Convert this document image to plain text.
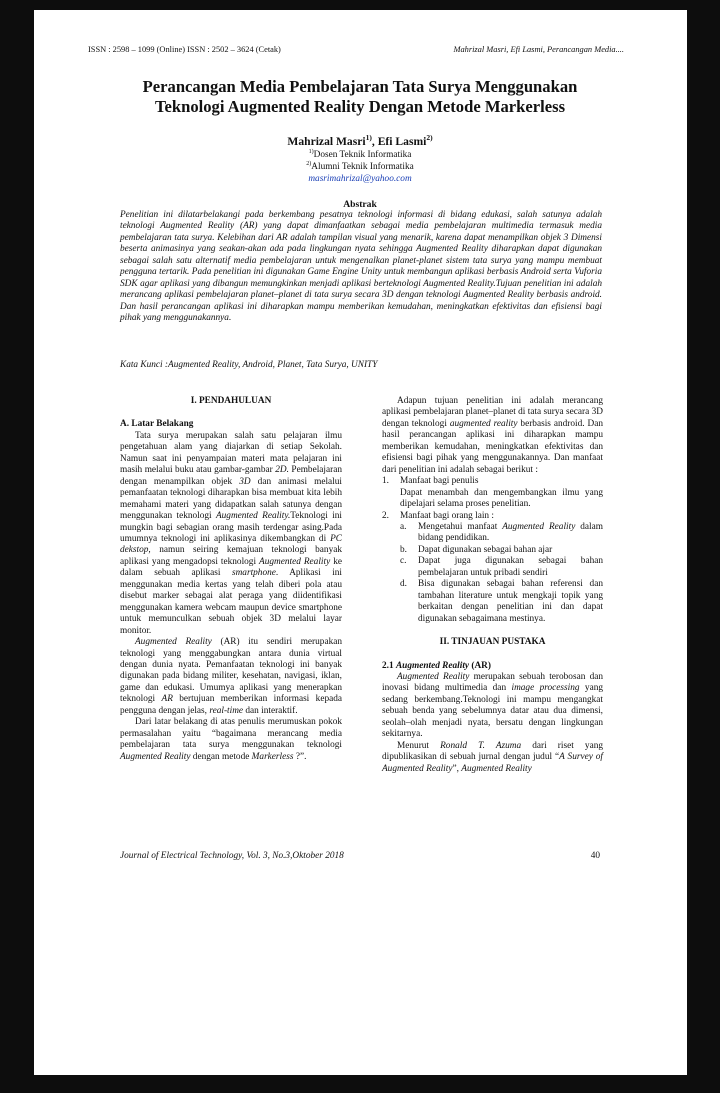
ISSN : 2598 – 1099 (Online) ISSN : 2502 – 3624 (Cetak)	Mahrizal Masri, Efi Lasmi, Perancangan Media....
Perancangan Media Pembelajaran Tata Surya Menggunakan
Teknologi Augmented Reality Dengan Metode Markerless
Mahrizal Masri$^{1)}$, Efi Lasmi$^{2)}$
$^{1)}$Dosen Teknik Informatika
$^{2)}$Alumni Teknik Informatika
masrimahrizal@yahoo.com
Abstrak
Penelitian ini dilatarbelakangi pada berkembang pesatnya teknologi informasi di bidang edukasi, salah satunya adalah teknologi Augmented Reality (AR) yang dapat dimanfaatkan sebagai media pembelajaran multimedia termasuk media pembelajaran tata surya. Kelebihan dari AR adalah tampilan visual yang menarik, karena dapat menampilkan objek 3 Dimensi beserta animasinya yang seakan-akan ada pada lingkungan nyata sehingga Augmented Reality diharapkan dapat digunakan sebagai salah satu alternatif media pembelajaran untuk mengenalkan planet-planet sistem tata surya yang mampu membuat pengguna tertarik. Pada penelitian ini digunakan Game Engine Unity untuk membangun aplikasi berbasis Android serta Vuforia SDK agar aplikasi yang dibangun memungkinkan menjadi aplikasi berteknologi Augmented Reality.Tujuan penelitian ini adalah merancang aplikasi pembelajaran planet–planet di tata surya secara 3D dengan teknologi Augmented Reality berbasis android. Dan hasil perancangan aplikasi ini diharapkan mampu memberikan kemudahan, meningkatkan efektivitas dan efisiensi bagi pihak yang menggunakannya.
Kata Kunci :Augmented Reality, Android, Planet, Tata Surya, UNITY

I. PENDAHULUAN

A. Latar Belakang

Tata surya merupakan salah satu pelajaran ilmu pengetahuan alam yang diajarkan di setiap Sekolah. Namun saat ini penyampaian materi mata pelajaran ini masih melalui buku atau gambar-gambar 2D. Pembelajaran dengan menampilkan objek 3D dan animasi melalui pemanfaatan teknologi diharapkan bisa membuat kita lebih memahami materi yang didapatkan salah satunya dengan menggunakan teknologi Augmented Reality.Teknologi ini mungkin bagi sebagian orang masih terdengar asing.Pada umumnya teknologi ini aplikasinya dikembangkan di PC dekstop, namun seiring kemajuan teknologi banyak aplikasi yang mengadopsi teknologi Augmented Reality ke dalam sebuah aplikasi smartphone. Aplikasi ini menggunakan media kertas yang telah diberi pola atau disebut marker sebagai alat peraga yang diidentifikasi menggunakan kamera webcam maupun device smartphone untuk memunculkan sebuah objek 3D melalui layar monitor.

Augmented Reality (AR) itu sendiri merupakan teknologi yang menggabungkan antara dunia virtual dengan dunia nyata. Pemanfaatan teknologi ini banyak digunakan pada bidang militer, kesehatan, navigasi, iklan, game dan edukasi. Umumya aplikasi yang menerapkan teknologi AR bertujuan memberikan informasi kepada pengguna dengan jelas, real-time dan interaktif.

Dari latar belakang di atas penulis merumuskan pokok permasalahan yaitu “bagaimana merancang media pembelajaran tata surya menggunakan teknologi Augmented Reality dengan metode Markerless ?”.

Adapun tujuan penelitian ini adalah merancang aplikasi pembelajaran planet–planet di tata surya secara 3D dengan teknologi augmented reality berbasis android. Dan hasil perancangan aplikasi ini diharapkan mampu memberikan kemudahan, meningkatkan efektivitas dan efisiensi bagi pihak yang menggunakannya. Dan manfaat dari penelitian ini adalah sebagai berikut :

1.	Manfaat bagi penulis
Dapat menambah dan mengembangkan ilmu yang dipelajari selama proses penelitian.
2.	Manfaat bagi orang lain :
a.	Mengetahui manfaat Augmented Reality dalam bidang pendidikan.
b.	Dapat digunakan sebagai bahan ajar
c.	Dapat juga digunakan sebagai bahan pembelajaran untuk pribadi sendiri
d.	Bisa digunakan sebagai bahan referensi dan tambahan literature untuk mengkaji topik yang berkaitan dengan penelitian ini dan dapat digunakan sebagaimana mestinya.

II. TINJAUAN PUSTAKA

2.1 Augmented Reality (AR)

Augmented Reality merupakan sebuah terobosan dan inovasi bidang multimedia dan image processing yang sedang berkembang.Teknologi ini mampu mengangkat sebuah benda yang sebelumnya datar atau dua dimensi, seolah–olah menjadi nyata, bersatu dengan lingkungan sekitarnya.

Menurut Ronald T. Azuma dari riset yang dipublikasikan di sebuah jurnal dengan judul “A Survey of Augmented Reality”, Augmented Reality

Journal of Electrical Technology, Vol. 3, No.3,Oktober 2018	40
